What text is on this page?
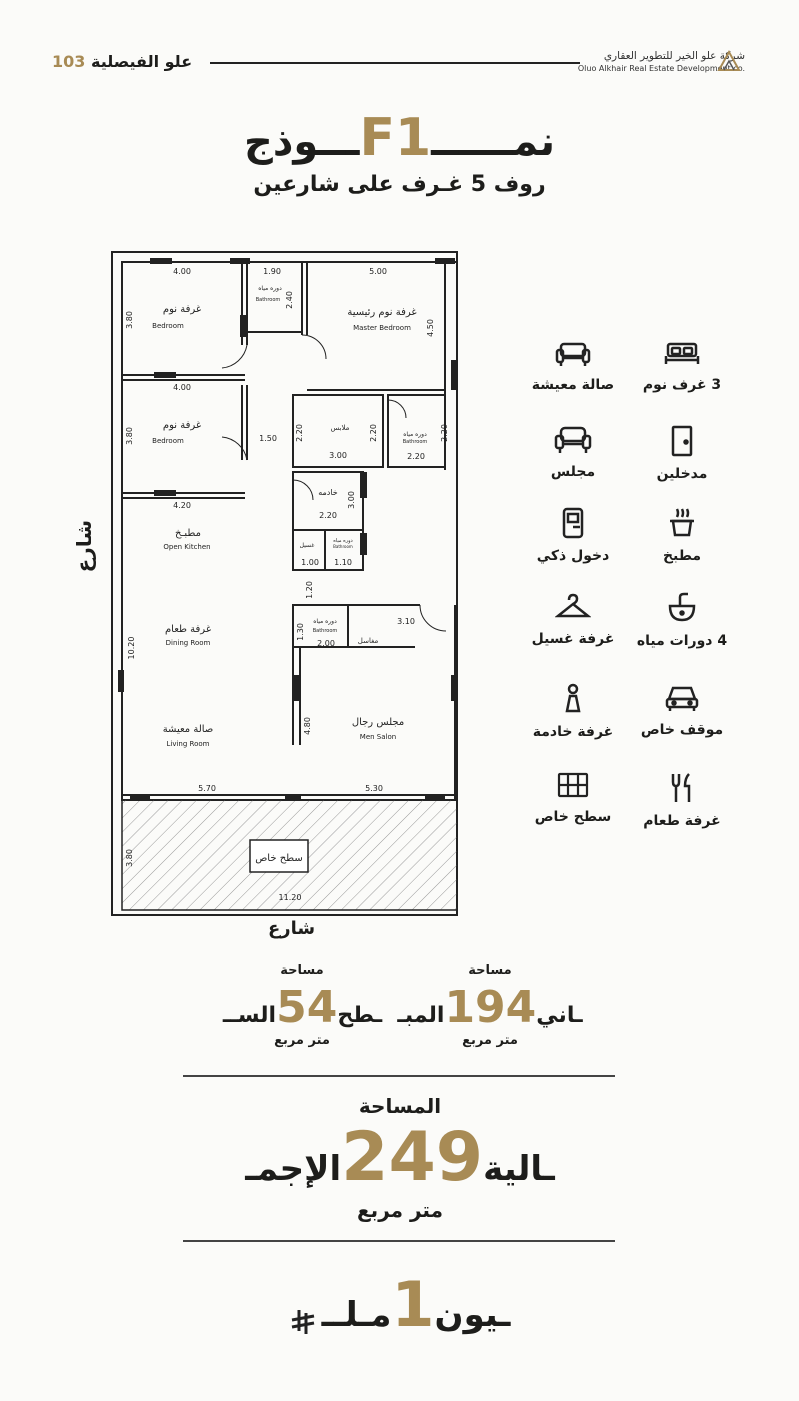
علو الفيصلية 103	شركة علو الخير للتطوير العقاري
Oluo Alkhair Real Estate Development co.
ـــوذجF1نمــــــ
روف 5 غـرف على شارعين
شارع
غرفة نوم
Bedroom
دوره مياه
Bathroom
غرفة نوم رئيسية
Master Bedroom
غرفة نوم
Bedroom
ملابس
دوره مياه
Bathroom
خادمه
غسيل
دوره مياه
Bathroom
مطبـخ
Open Kitchen
غرفة طعام
Dining Room
دوره مياه
Bathroom
مغاسل
صالة معيشة
Living Room
مجلس رجال
Men Salon
سطح خاص
4.00	1.90	5.00
3.80
2.40
4.50
4.00
3.80	1.50 2.20	2.20
3.00	2.20
2.20
4.20
2.20
3.00
1.00 1.10
1.20
3.10
1.30
2.00
10.20
4.80
5.70	5.30
3.80
11.20
شارع
3 غرف نوم
صالة معيشة
مدخلين
مجلس
مطبخ
دخول ذكي
4 دورات مياه
غرفة غسيل
موقف خاص
غرفة خادمة
غرفة طعام
سطح خاص
مساحة
ـاني194المبـ
متر مربع
مساحة
ـطح54الســ
متر مربع
المساحة
ـالية249الإجمـ
متر مربع
ـيون1مـلــ
